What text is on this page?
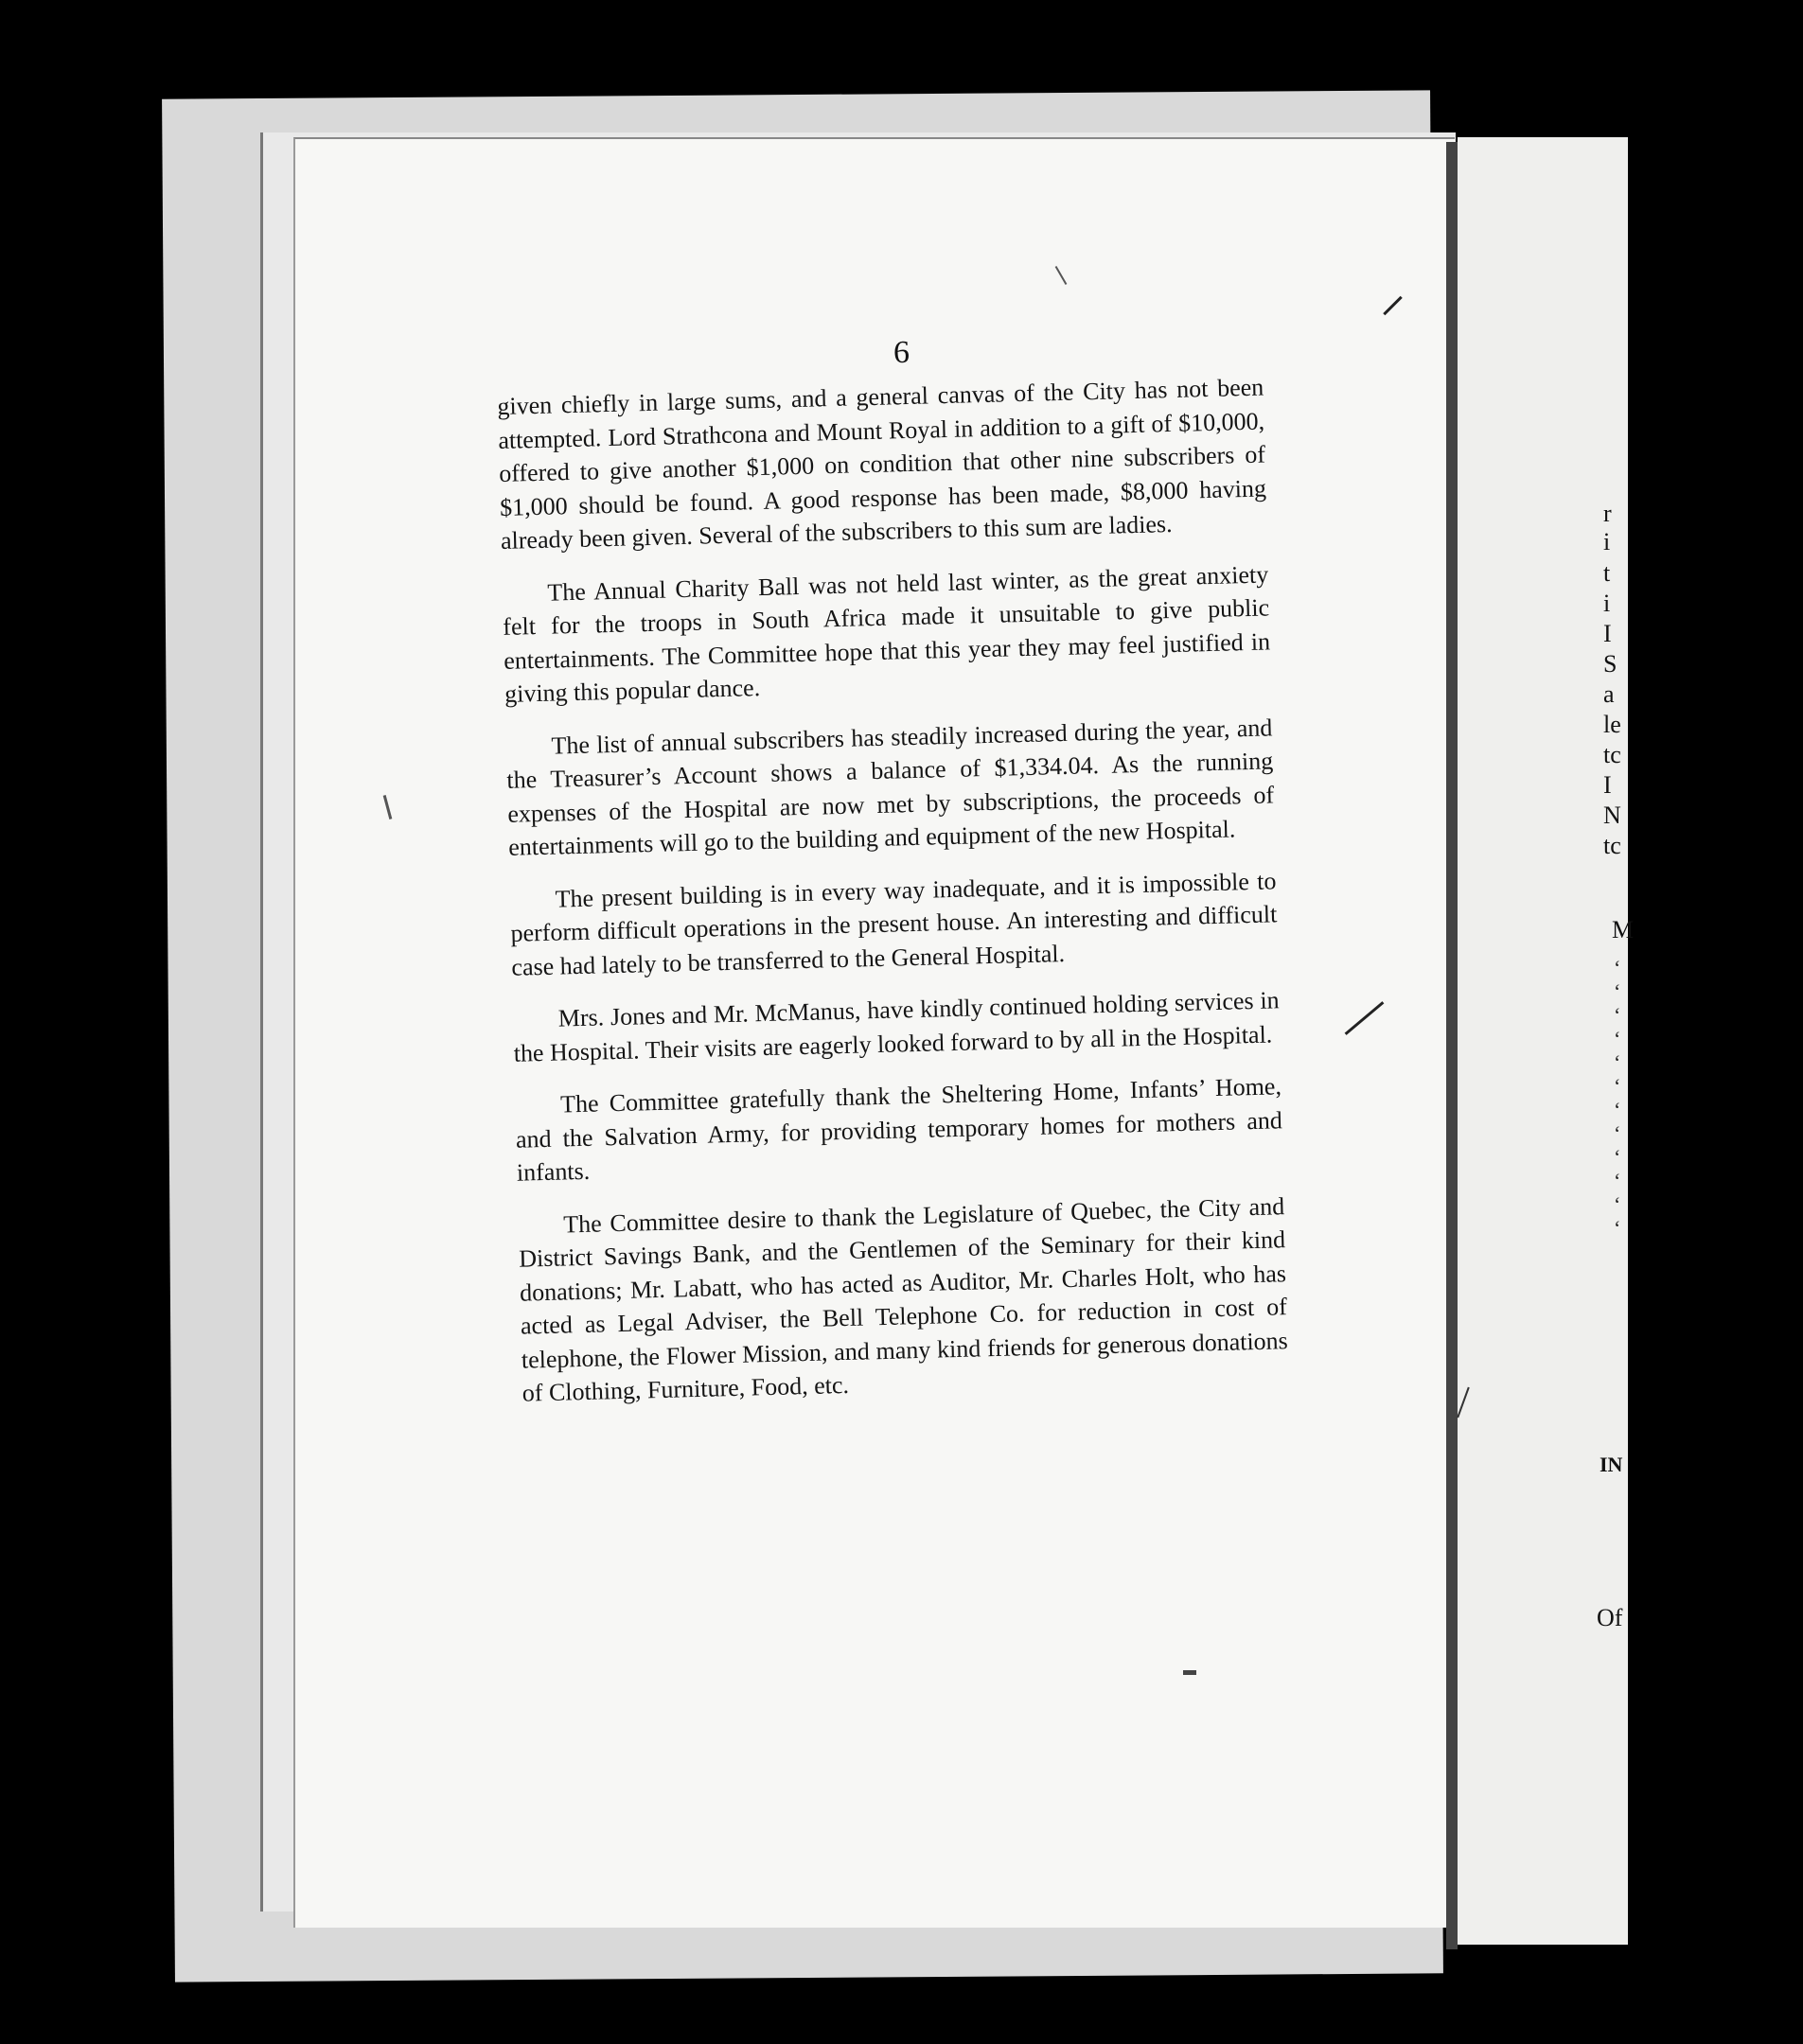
6

given chiefly in large sums, and a general canvas of the City has not been attempted. Lord Strathcona and Mount Royal in addition to a gift of $10,000, offered to give another $1,000 on condition that other nine subscribers of $1,000 should be found. A good response has been made, $8,000 having already been given. Several of the subscribers to this sum are ladies.

The Annual Charity Ball was not held last winter, as the great anxiety felt for the troops in South Africa made it unsuitable to give public entertainments. The Committee hope that this year they may feel justified in giving this popular dance.

The list of annual subscribers has steadily increased during the year, and the Treasurer’s Account shows a balance of $1,334.04. As the running expenses of the Hospital are now met by subscriptions, the proceeds of entertainments will go to the building and equipment of the new Hospital.

The present building is in every way inadequate, and it is impossible to perform difficult operations in the present house. An interesting and difficult case had lately to be transferred to the General Hospital.

Mrs. Jones and Mr. McManus, have kindly continued holding services in the Hospital. Their visits are eagerly looked forward to by all in the Hospital.

The Committee gratefully thank the Sheltering Home, Infants’ Home, and the Salvation Army, for providing temporary homes for mothers and infants.

The Committee desire to thank the Legislature of Quebec, the City and District Savings Bank, and the Gentlemen of the Seminary for their kind donations; Mr. Labatt, who has acted as Auditor, Mr. Charles Holt, who has acted as Legal Adviser, the Bell Telephone Co. for reduction in cost of telephone, the Flower Mission, and many kind friends for generous donations of Clothing, Furniture, Food, etc.

r
i
t
i
I
S
a
le
tc
I
N
tc
M
‘
‘
‘
‘
‘
‘
‘
‘
‘
‘
‘
‘
IN
Of
